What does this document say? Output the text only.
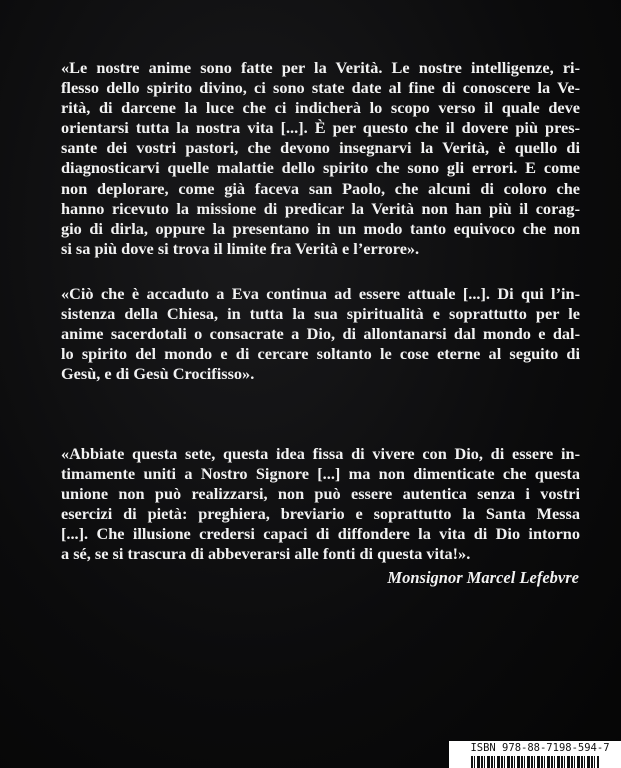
«Le nostre anime sono fatte per la Verità. Le nostre intelligenze, ri-
flesso dello spirito divino, ci sono state date al fine di conoscere la Ve-
rità, di darcene la luce che ci indicherà lo scopo verso il quale deve
orientarsi tutta la nostra vita [...]. È per questo che il dovere più pres-
sante dei vostri pastori, che devono insegnarvi la Verità, è quello di
diagnosticarvi quelle malattie dello spirito che sono gli errori. E come
non deplorare, come già faceva san Paolo, che alcuni di coloro che
hanno ricevuto la missione di predicar la Verità non han più il corag-
gio di dirla, oppure la presentano in un modo tanto equivoco che non
si sa più dove si trova il limite fra Verità e l’errore».
«Ciò che è accaduto a Eva continua ad essere attuale [...]. Di qui l’in-
sistenza della Chiesa, in tutta la sua spiritualità e soprattutto per le
anime sacerdotali o consacrate a Dio, di allontanarsi dal mondo e dal-
lo spirito del mondo e di cercare soltanto le cose eterne al seguito di
Gesù, e di Gesù Crocifisso».
«Abbiate questa sete, questa idea fissa di vivere con Dio, di essere in-
timamente uniti a Nostro Signore [...] ma non dimenticate che questa
unione non può realizzarsi, non può essere autentica senza i vostri
esercizi di pietà: preghiera, breviario e soprattutto la Santa Messa
[...]. Che illusione credersi capaci di diffondere la vita di Dio intorno
a sé, se si trascura di abbeverarsi alle fonti di questa vita!».
Monsignor Marcel Lefebvre
ISBN 978-88-7198-594-7
